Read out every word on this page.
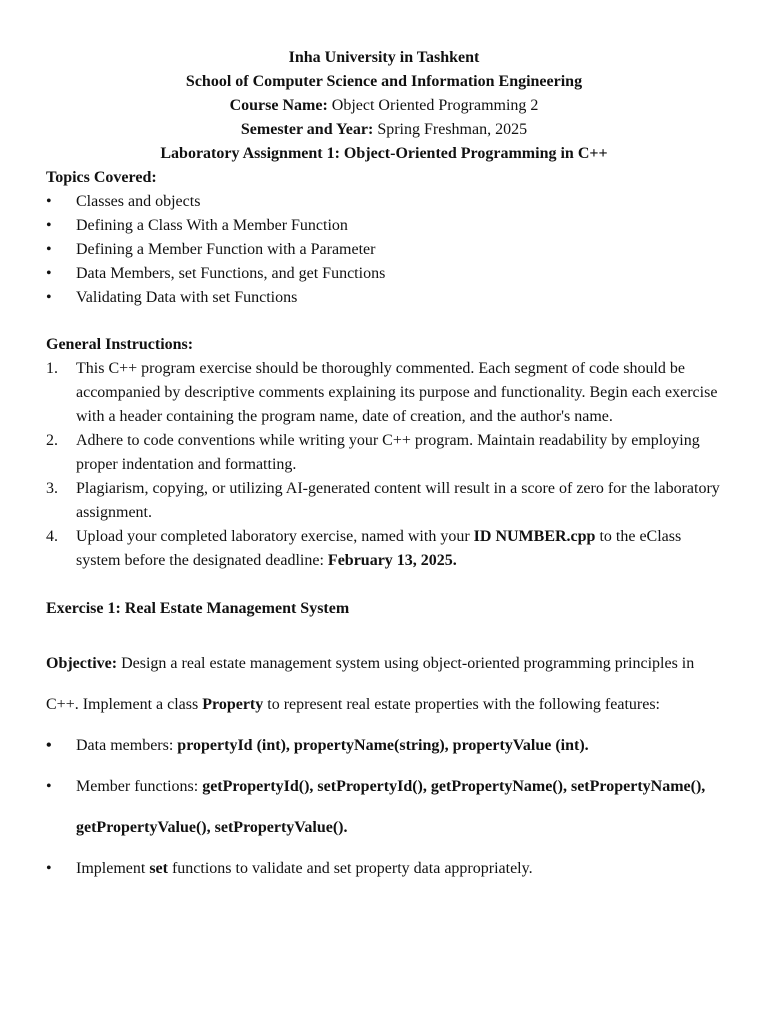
Inha University in Tashkent
School of Computer Science and Information Engineering
Course Name: Object Oriented Programming 2
Semester and Year: Spring Freshman, 2025
Laboratory Assignment 1: Object-Oriented Programming in C++
Topics Covered:
• Classes and objects
• Defining a Class With a Member Function
• Defining a Member Function with a Parameter
• Data Members, set Functions, and get Functions
• Validating Data with set Functions
General Instructions:
1. This C++ program exercise should be thoroughly commented. Each segment of code should be accompanied by descriptive comments explaining its purpose and functionality. Begin each exercise with a header containing the program name, date of creation, and the author's name.
2. Adhere to code conventions while writing your C++ program. Maintain readability by employing proper indentation and formatting.
3. Plagiarism, copying, or utilizing AI-generated content will result in a score of zero for the laboratory assignment.
4. Upload your completed laboratory exercise, named with your ID NUMBER.cpp to the eClass system before the designated deadline: February 13, 2025.
Exercise 1: Real Estate Management System
Objective: Design a real estate management system using object-oriented programming principles in C++. Implement a class Property to represent real estate properties with the following features:
• Data members: propertyId (int), propertyName(string), propertyValue (int).
• Member functions: getPropertyId(), setPropertyId(), getPropertyName(), setPropertyName(), getPropertyValue(), setPropertyValue().
• Implement set functions to validate and set property data appropriately.
